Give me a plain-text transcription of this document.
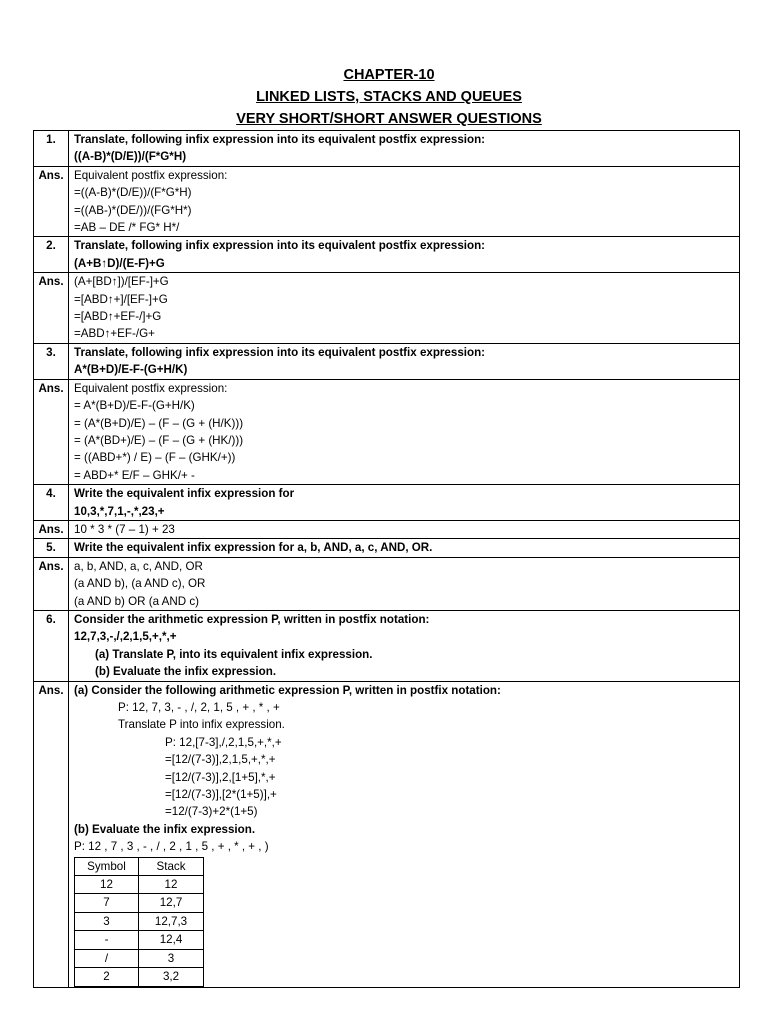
CHAPTER-10
LINKED LISTS, STACKS AND QUEUES
VERY SHORT/SHORT ANSWER QUESTIONS
1.	Translate, following infix expression into its equivalent postfix expression:
((A-B)*(D/E))/(F*G*H)

Ans.	Equivalent postfix expression:
=((A-B)*(D/E))/(F*G*H)
=((AB-)*(DE/))/(FG*H*)
=AB – DE /* FG* H*/

2.	Translate, following infix expression into its equivalent postfix expression:
(A+B↑D)/(E-F)+G

Ans.	(A+[BD↑])/[EF-]+G
=[ABD↑+]/[EF-]+G
=[ABD↑+EF-/]+G
=ABD↑+EF-/G+

3.	Translate, following infix expression into its equivalent postfix expression:
A*(B+D)/E-F-(G+H/K)

Ans.	Equivalent postfix expression:
= A*(B+D)/E-F-(G+H/K)
= (A*(B+D)/E) – (F – (G + (H/K)))
= (A*(BD+)/E) – (F – (G + (HK/)))
= ((ABD+*) / E) – (F – (GHK/+))
= ABD+* E/F – GHK/+ -

4.	Write the equivalent infix expression for
10,3,*,7,1,-,*,23,+

Ans.	10 * 3 * (7 – 1) + 23

5.	Write the equivalent infix expression for a, b, AND, a, c, AND, OR.

Ans.	a, b, AND, a, c, AND, OR
(a AND b), (a AND c), OR
(a AND b) OR (a AND c)

6.	Consider the arithmetic expression P, written in postfix notation:
12,7,3,-,/,2,1,5,+,*,+
(a) Translate P, into its equivalent infix expression.
(b) Evaluate the infix expression.

Ans.	(a) Consider the following arithmetic expression P, written in postfix notation:
P: 12, 7, 3, - , /, 2, 1, 5 , + , * , +
Translate P into infix expression.
P: 12,[7-3],/,2,1,5,+,*,+
=[12/(7-3)],2,1,5,+,*,+
=[12/(7-3)],2,[1+5],*,+
=[12/(7-3)],[2*(1+5)],+
=12/(7-3)+2*(1+5)
(b) Evaluate the infix expression.
P: 12 , 7 , 3 , - , / , 2 , 1 , 5 , + , * , + , )
Symbol	Stack
12	12
7	12,7
3	12,7,3
-	12,4
/	3
2	3,2
